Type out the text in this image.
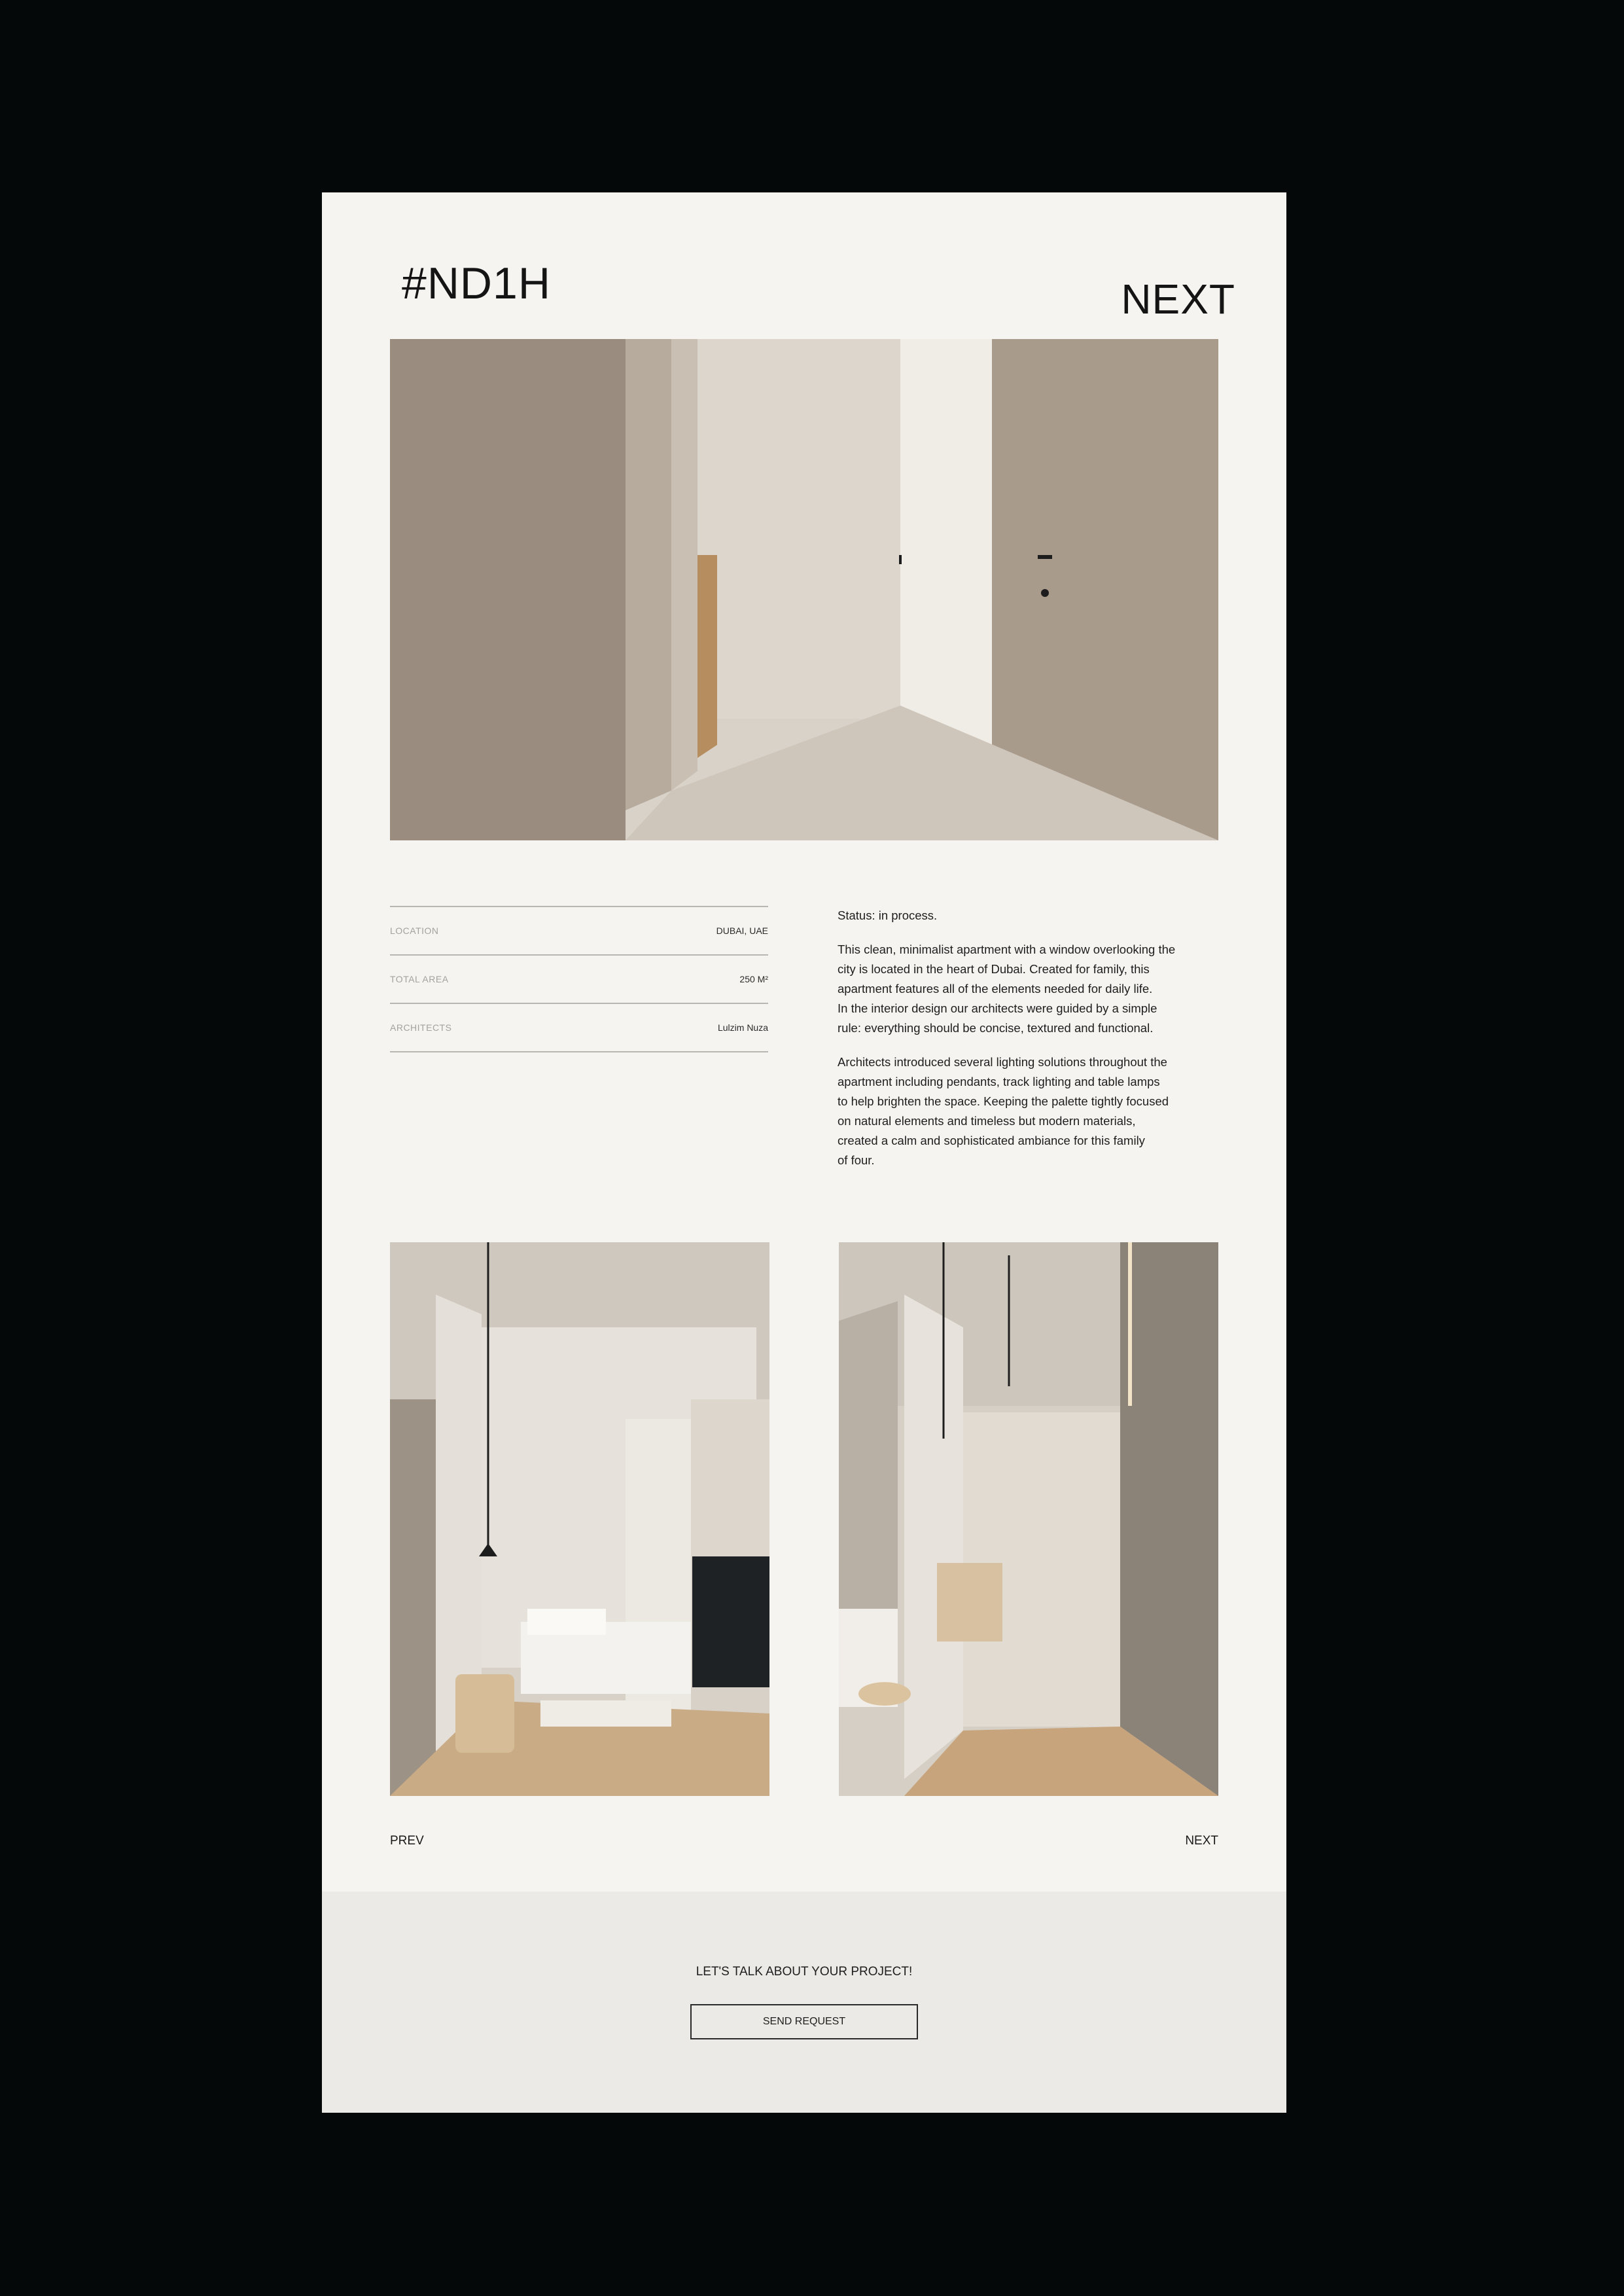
#ND1H	NEXT
LOCATION	DUBAI, UAE
TOTAL AREA	250 M²
ARCHITECTS	Lulzim Nuza

Status: in process.

This clean, minimalist apartment with a window overlooking the
city is located in the heart of Dubai. Created for family, this
apartment features all of the elements needed for daily life.
In the interior design our architects were guided by a simple
rule: everything should be concise, textured and functional.

Architects introduced several lighting solutions throughout the
apartment including pendants, track lighting and table lamps
to help brighten the space. Keeping the palette tightly focused
on natural elements and timeless but modern materials,
created a calm and sophisticated ambiance for this family
of four.

PREV	NEXT
LET'S TALK ABOUT YOUR PROJECT!
SEND REQUEST
